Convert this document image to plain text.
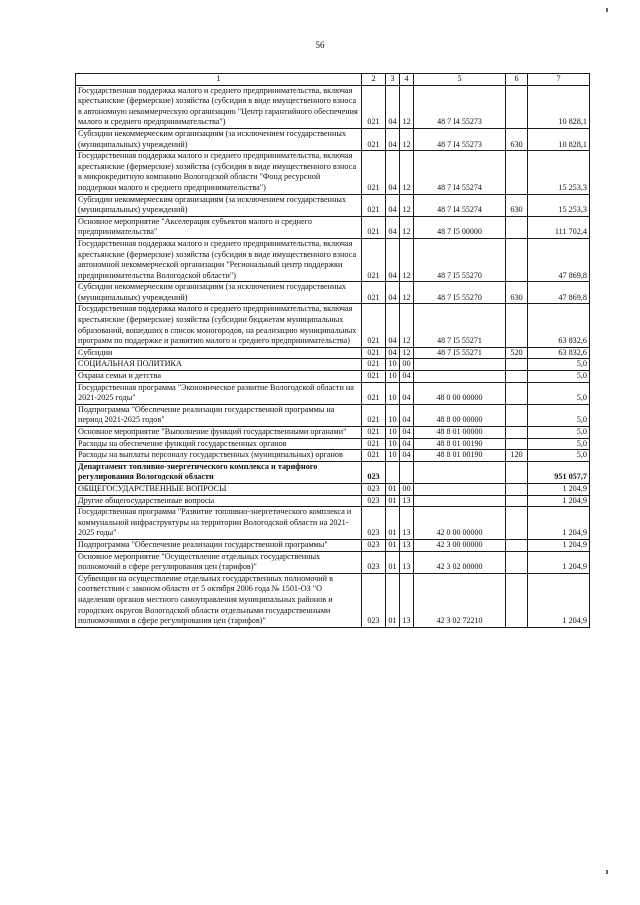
56
1	2	3	4	5	6	7
Государственная поддержка малого и среднего предпринимательства, включая крестьянские (фермерские) хозяйства (субсидия в виде имущественного взноса в автономную некоммерческую организацию "Центр гарантийного обеспечения малого и среднего предпринимательства")	021	04	12	48 7 I4 55273		10 828,1
Субсидии некоммерческим организациям (за исключением государственных (муниципальных) учреждений)	021	04	12	48 7 I4 55273	630	10 828,1
Государственная поддержка малого и среднего предпринимательства, включая крестьянские (фермерские) хозяйства (субсидия в виде имущественного взноса в микрокредитную компанию Вологодской области "Фонд ресурсной поддержки малого и среднего предпринимательства")	021	04	12	48 7 I4 55274		15 253,3
Субсидии некоммерческим организациям (за исключением государственных (муниципальных) учреждений)	021	04	12	48 7 I4 55274	630	15 253,3
Основное мероприятие "Акселерация субъектов малого и среднего предпринимательства"	021	04	12	48 7 I5 00000		111 702,4
Государственная поддержка малого и среднего предпринимательства, включая крестьянские (фермерские) хозяйства (субсидия в виде имущественного взноса автономной некоммерческой организации "Региональный центр поддержки предпринимательства Вологодской области")	021	04	12	48 7 I5 55270		47 869,8
Субсидии некоммерческим организациям (за исключением государственных (муниципальных) учреждений)	021	04	12	48 7 I5 55270	630	47 869,8
Государственная поддержка малого и среднего предпринимательства, включая крестьянские (фермерские) хозяйства (субсидии бюджетам муниципальных образований, вошедших в список моногородов, на реализацию муниципальных программ по поддержке и развитию малого и среднего предпринимательства)	021	04	12	48 7 I5 55271		63 832,6
Субсидии	021	04	12	48 7 I5 55271	520	63 832,6
СОЦИАЛЬНАЯ ПОЛИТИКА	021	10	00			5,0
Охрана семьи и детства	021	10	04			5,0
Государственная программа "Экономическое развитие Вологодской области на 2021-2025 годы"	021	10	04	48 0 00 00000		5,0
Подпрограмма "Обеспечение реализации государственной программы на период 2021-2025 годов"	021	10	04	48 8 00 00000		5,0
Основное мероприятие "Выполнение функций государственными органами"	021	10	04	48 8 01 00000		5,0
Расходы на обеспечение функций государственных органов	021	10	04	48 8 01 00190		5,0
Расходы на выплаты персоналу государственных (муниципальных) органов	021	10	04	48 8 01 00190	120	5,0
Департамент топливно-энергетического комплекса и тарифного регулирования Вологодской области	023					951 057,7
ОБЩЕГОСУДАРСТВЕННЫЕ ВОПРОСЫ	023	01	00			1 204,9
Другие общегосударственные вопросы	023	01	13			1 204,9
Государственная программа "Развитие топливно-энергетического комплекса и коммунальной инфраструктуры на территории Вологодской области на 2021-2025 годы"	023	01	13	42 0 00 00000		1 204,9
Подпрограмма "Обеспечение реализации государственной программы"	023	01	13	42 3 00 00000		1 204,9
Основное мероприятие "Осуществление отдельных государственных полномочий в сфере регулирования цен (тарифов)"	023	01	13	42 3 02 00000		1 204,9
Субвенции на осуществление отдельных государственных полномочий в соответствии с законом области от 5 октября 2006 года № 1501-ОЗ "О наделении органов местного самоуправления муниципальных районов и городских округов Вологодской области отдельными государственными полномочиями в сфере регулирования цен (тарифов)"	023	01	13	42 3 02 72210		1 204,9
